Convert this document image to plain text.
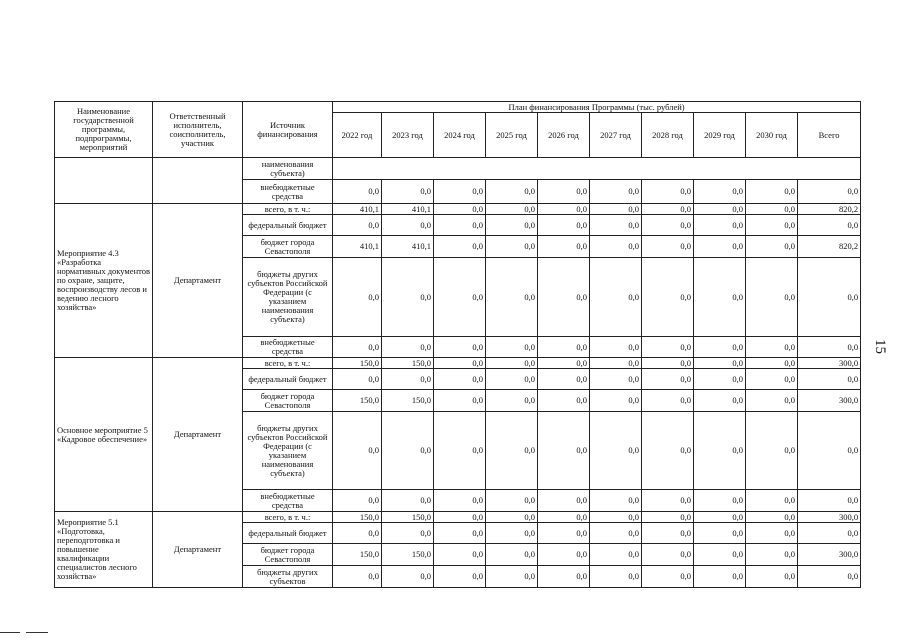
Наименование государственной программы, подпрограммы, мероприятий	Ответственный исполнитель, соисполнитель, участник	Источник финансирования	План финансирования Программы (тыс. рублей)									
			2022 год	2023 год	2024 год	2025 год	2026 год	2027 год	2028 год	2029 год	2030 год	Всего
		наименования субъекта)										
		внебюджетные средства	0,0	0,0	0,0	0,0	0,0	0,0	0,0	0,0	0,0	0,0
Мероприятие 4.3 «Разработка нормативных документов по охране, защите, воспроизводству лесов и ведению лесного хозяйства»	Департамент	всего, в т. ч.:	410,1	410,1	0,0	0,0	0,0	0,0	0,0	0,0	0,0	820,2
		федеральный бюджет	0,0	0,0	0,0	0,0	0,0	0,0	0,0	0,0	0,0	0,0
		бюджет города Севастополя	410,1	410,1	0,0	0,0	0,0	0,0	0,0	0,0	0,0	820,2
		бюджеты других субъектов Российской Федерации (с указанием наименования субъекта)	0,0	0,0	0,0	0,0	0,0	0,0	0,0	0,0	0,0	0,0
		внебюджетные средства	0,0	0,0	0,0	0,0	0,0	0,0	0,0	0,0	0,0	0,0
Основное мероприятие 5 «Кадровое обеспечение»	Департамент	всего, в т. ч.:	150,0	150,0	0,0	0,0	0,0	0,0	0,0	0,0	0,0	300,0
		федеральный бюджет	0,0	0,0	0,0	0,0	0,0	0,0	0,0	0,0	0,0	0,0
		бюджет города Севастополя	150,0	150,0	0,0	0,0	0,0	0,0	0,0	0,0	0,0	300,0
		бюджеты других субъектов Российской Федерации (с указанием наименования субъекта)	0,0	0,0	0,0	0,0	0,0	0,0	0,0	0,0	0,0	0,0
		внебюджетные средства	0,0	0,0	0,0	0,0	0,0	0,0	0,0	0,0	0,0	0,0
Мероприятие 5.1 «Подготовка, переподготовка и повышение квалификации специалистов лесного хозяйства»	Департамент	всего, в т. ч.:	150,0	150,0	0,0	0,0	0,0	0,0	0,0	0,0	0,0	300,0
		федеральный бюджет	0,0	0,0	0,0	0,0	0,0	0,0	0,0	0,0	0,0	0,0
		бюджет города Севастополя	150,0	150,0	0,0	0,0	0,0	0,0	0,0	0,0	0,0	300,0
		бюджеты других субъектов	0,0	0,0	0,0	0,0	0,0	0,0	0,0	0,0	0,0	0,0
15
